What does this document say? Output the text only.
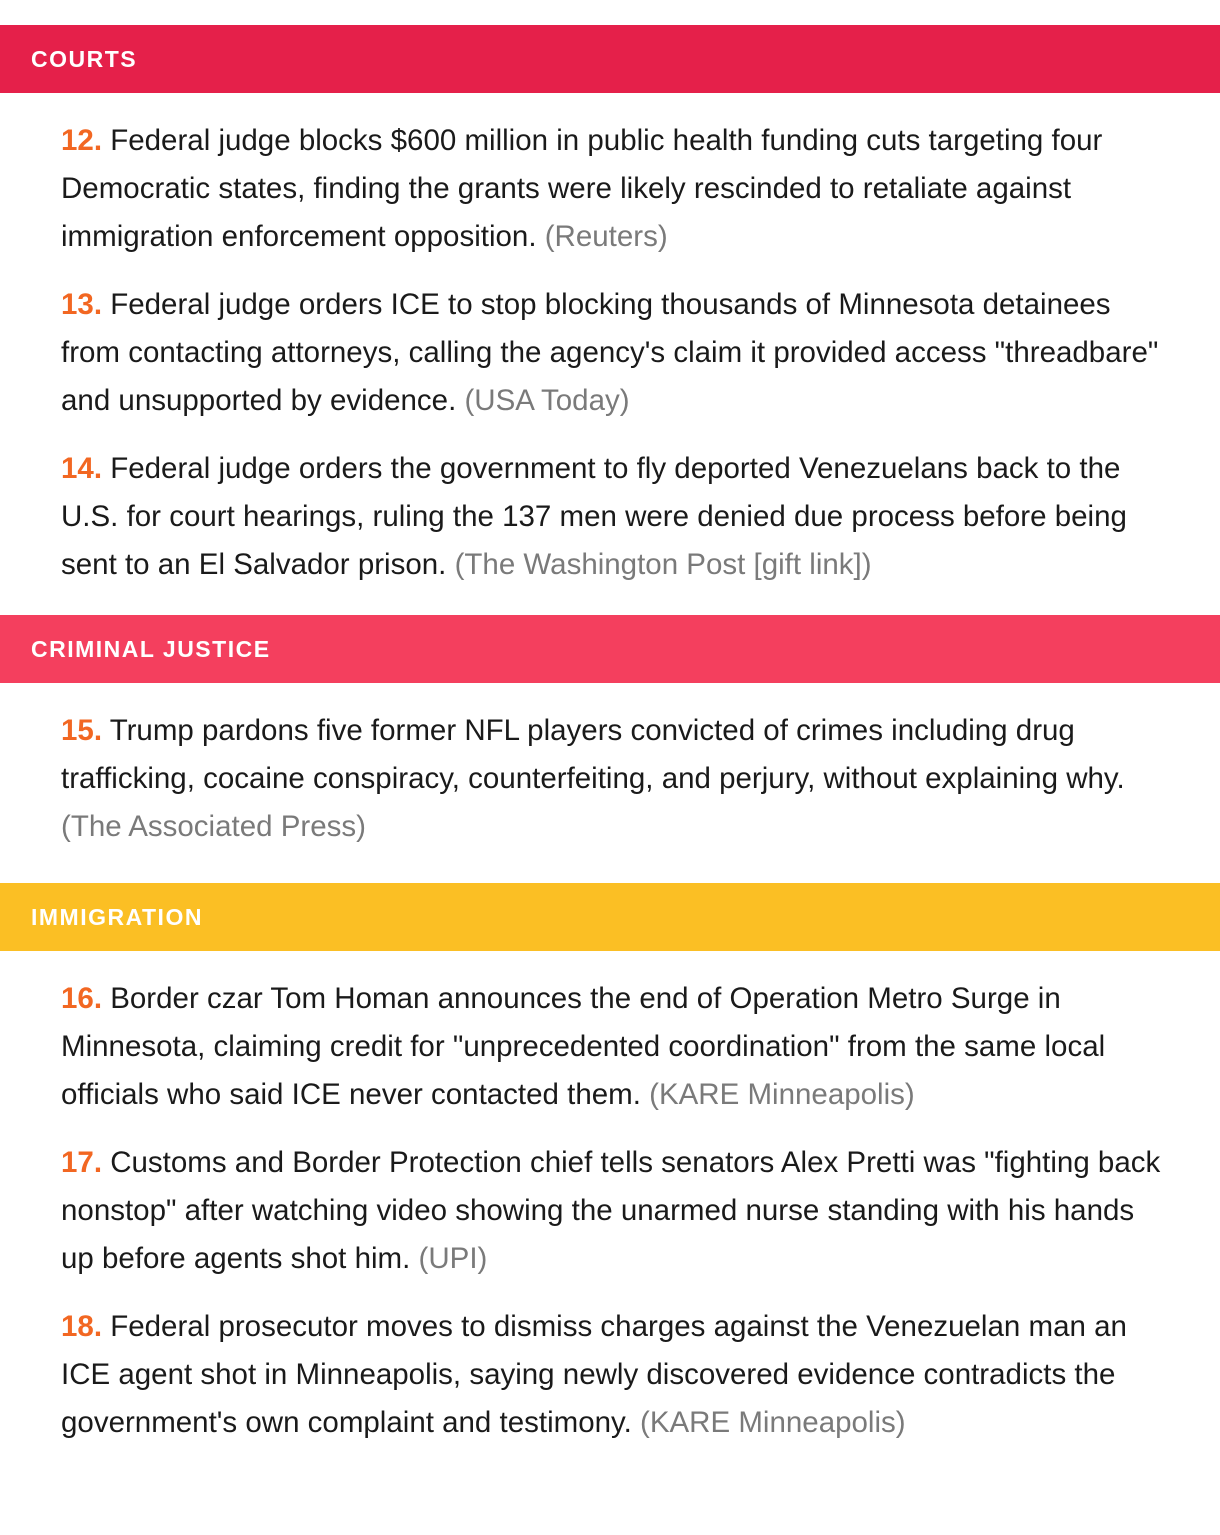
COURTS

12. Federal judge blocks $600 million in public health funding cuts targeting four Democratic states, finding the grants were likely rescinded to retaliate against immigration enforcement opposition. (Reuters)

13. Federal judge orders ICE to stop blocking thousands of Minnesota detainees from contacting attorneys, calling the agency's claim it provided access "threadbare" and unsupported by evidence. (USA Today)

14. Federal judge orders the government to fly deported Venezuelans back to the U.S. for court hearings, ruling the 137 men were denied due process before being sent to an El Salvador prison. (The Washington Post [gift link])

CRIMINAL JUSTICE

15. Trump pardons five former NFL players convicted of crimes including drug trafficking, cocaine conspiracy, counterfeiting, and perjury, without explaining why. (The Associated Press)

IMMIGRATION

16. Border czar Tom Homan announces the end of Operation Metro Surge in Minnesota, claiming credit for "unprecedented coordination" from the same local officials who said ICE never contacted them. (KARE Minneapolis)

17. Customs and Border Protection chief tells senators Alex Pretti was "fighting back nonstop" after watching video showing the unarmed nurse standing with his hands up before agents shot him. (UPI)

18. Federal prosecutor moves to dismiss charges against the Venezuelan man an ICE agent shot in Minneapolis, saying newly discovered evidence contradicts the government's own complaint and testimony. (KARE Minneapolis)
